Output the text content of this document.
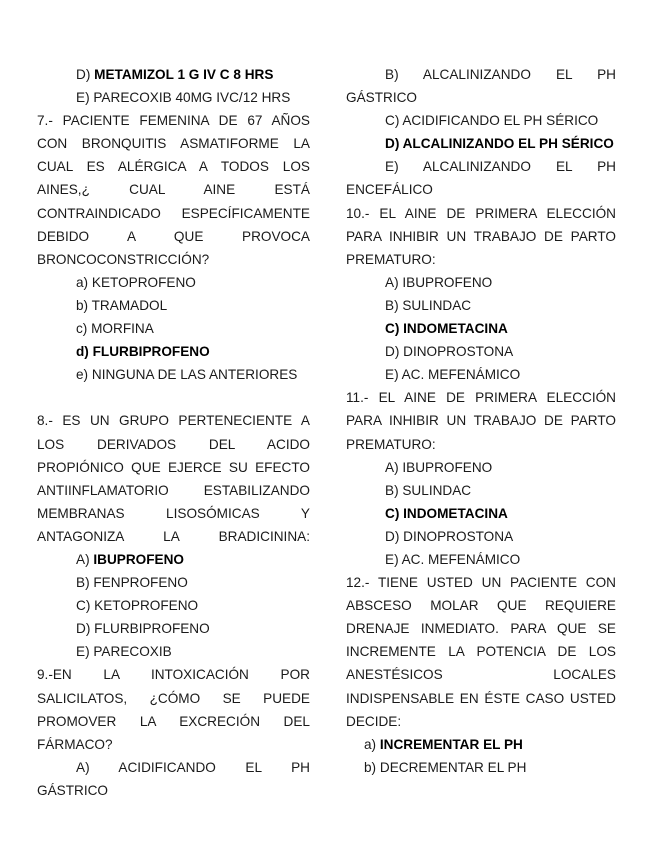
D) METAMIZOL 1 G IV C 8 HRS
E) PARECOXIB 40MG IVC/12 HRS
7.- PACIENTE FEMENINA DE 67 AÑOS
CON BRONQUITIS ASMATIFORME LA
CUAL ES ALÉRGICA A TODOS LOS
AINES,¿ CUAL AINE ESTÁ
CONTRAINDICADO ESPECÍFICAMENTE
DEBIDO A QUE PROVOCA
BRONCOCONSTRICCIÓN?
a) KETOPROFENO
b) TRAMADOL
c) MORFINA
d) FLURBIPROFENO
e) NINGUNA DE LAS ANTERIORES
8.- ES UN GRUPO PERTENECIENTE A
LOS DERIVADOS DEL ACIDO
PROPIÓNICO QUE EJERCE SU EFECTO
ANTIINFLAMATORIO ESTABILIZANDO
MEMBRANAS LISOSÓMICAS Y
ANTAGONIZA LA BRADICININA:
A) IBUPROFENO
B) FENPROFENO
C) KETOPROFENO
D) FLURBIPROFENO
E) PARECOXIB
9.-EN LA INTOXICACIÓN POR
SALICILATOS, ¿CÓMO SE PUEDE
PROMOVER LA EXCRECIÓN DEL
FÁRMACO?
A) ACIDIFICANDO EL PH
GÁSTRICO
B) ALCALINIZANDO EL PH
GÁSTRICO
C) ACIDIFICANDO EL PH SÉRICO
D) ALCALINIZANDO EL PH SÉRICO
E) ALCALINIZANDO EL PH
ENCEFÁLICO
10.- EL AINE DE PRIMERA ELECCIÓN
PARA INHIBIR UN TRABAJO DE PARTO
PREMATURO:
A) IBUPROFENO
B) SULINDAC
C) INDOMETACINA
D) DINOPROSTONA
E) AC. MEFENÁMICO
11.- EL AINE DE PRIMERA ELECCIÓN
PARA INHIBIR UN TRABAJO DE PARTO
PREMATURO:
A) IBUPROFENO
B) SULINDAC
C) INDOMETACINA
D) DINOPROSTONA
E) AC. MEFENÁMICO
12.- TIENE USTED UN PACIENTE CON
ABSCESO MOLAR QUE REQUIERE
DRENAJE INMEDIATO. PARA QUE SE
INCREMENTE LA POTENCIA DE LOS
ANESTÉSICOS LOCALES
INDISPENSABLE EN ÉSTE CASO USTED
DECIDE:
a) INCREMENTAR EL PH
b) DECREMENTAR EL PH
